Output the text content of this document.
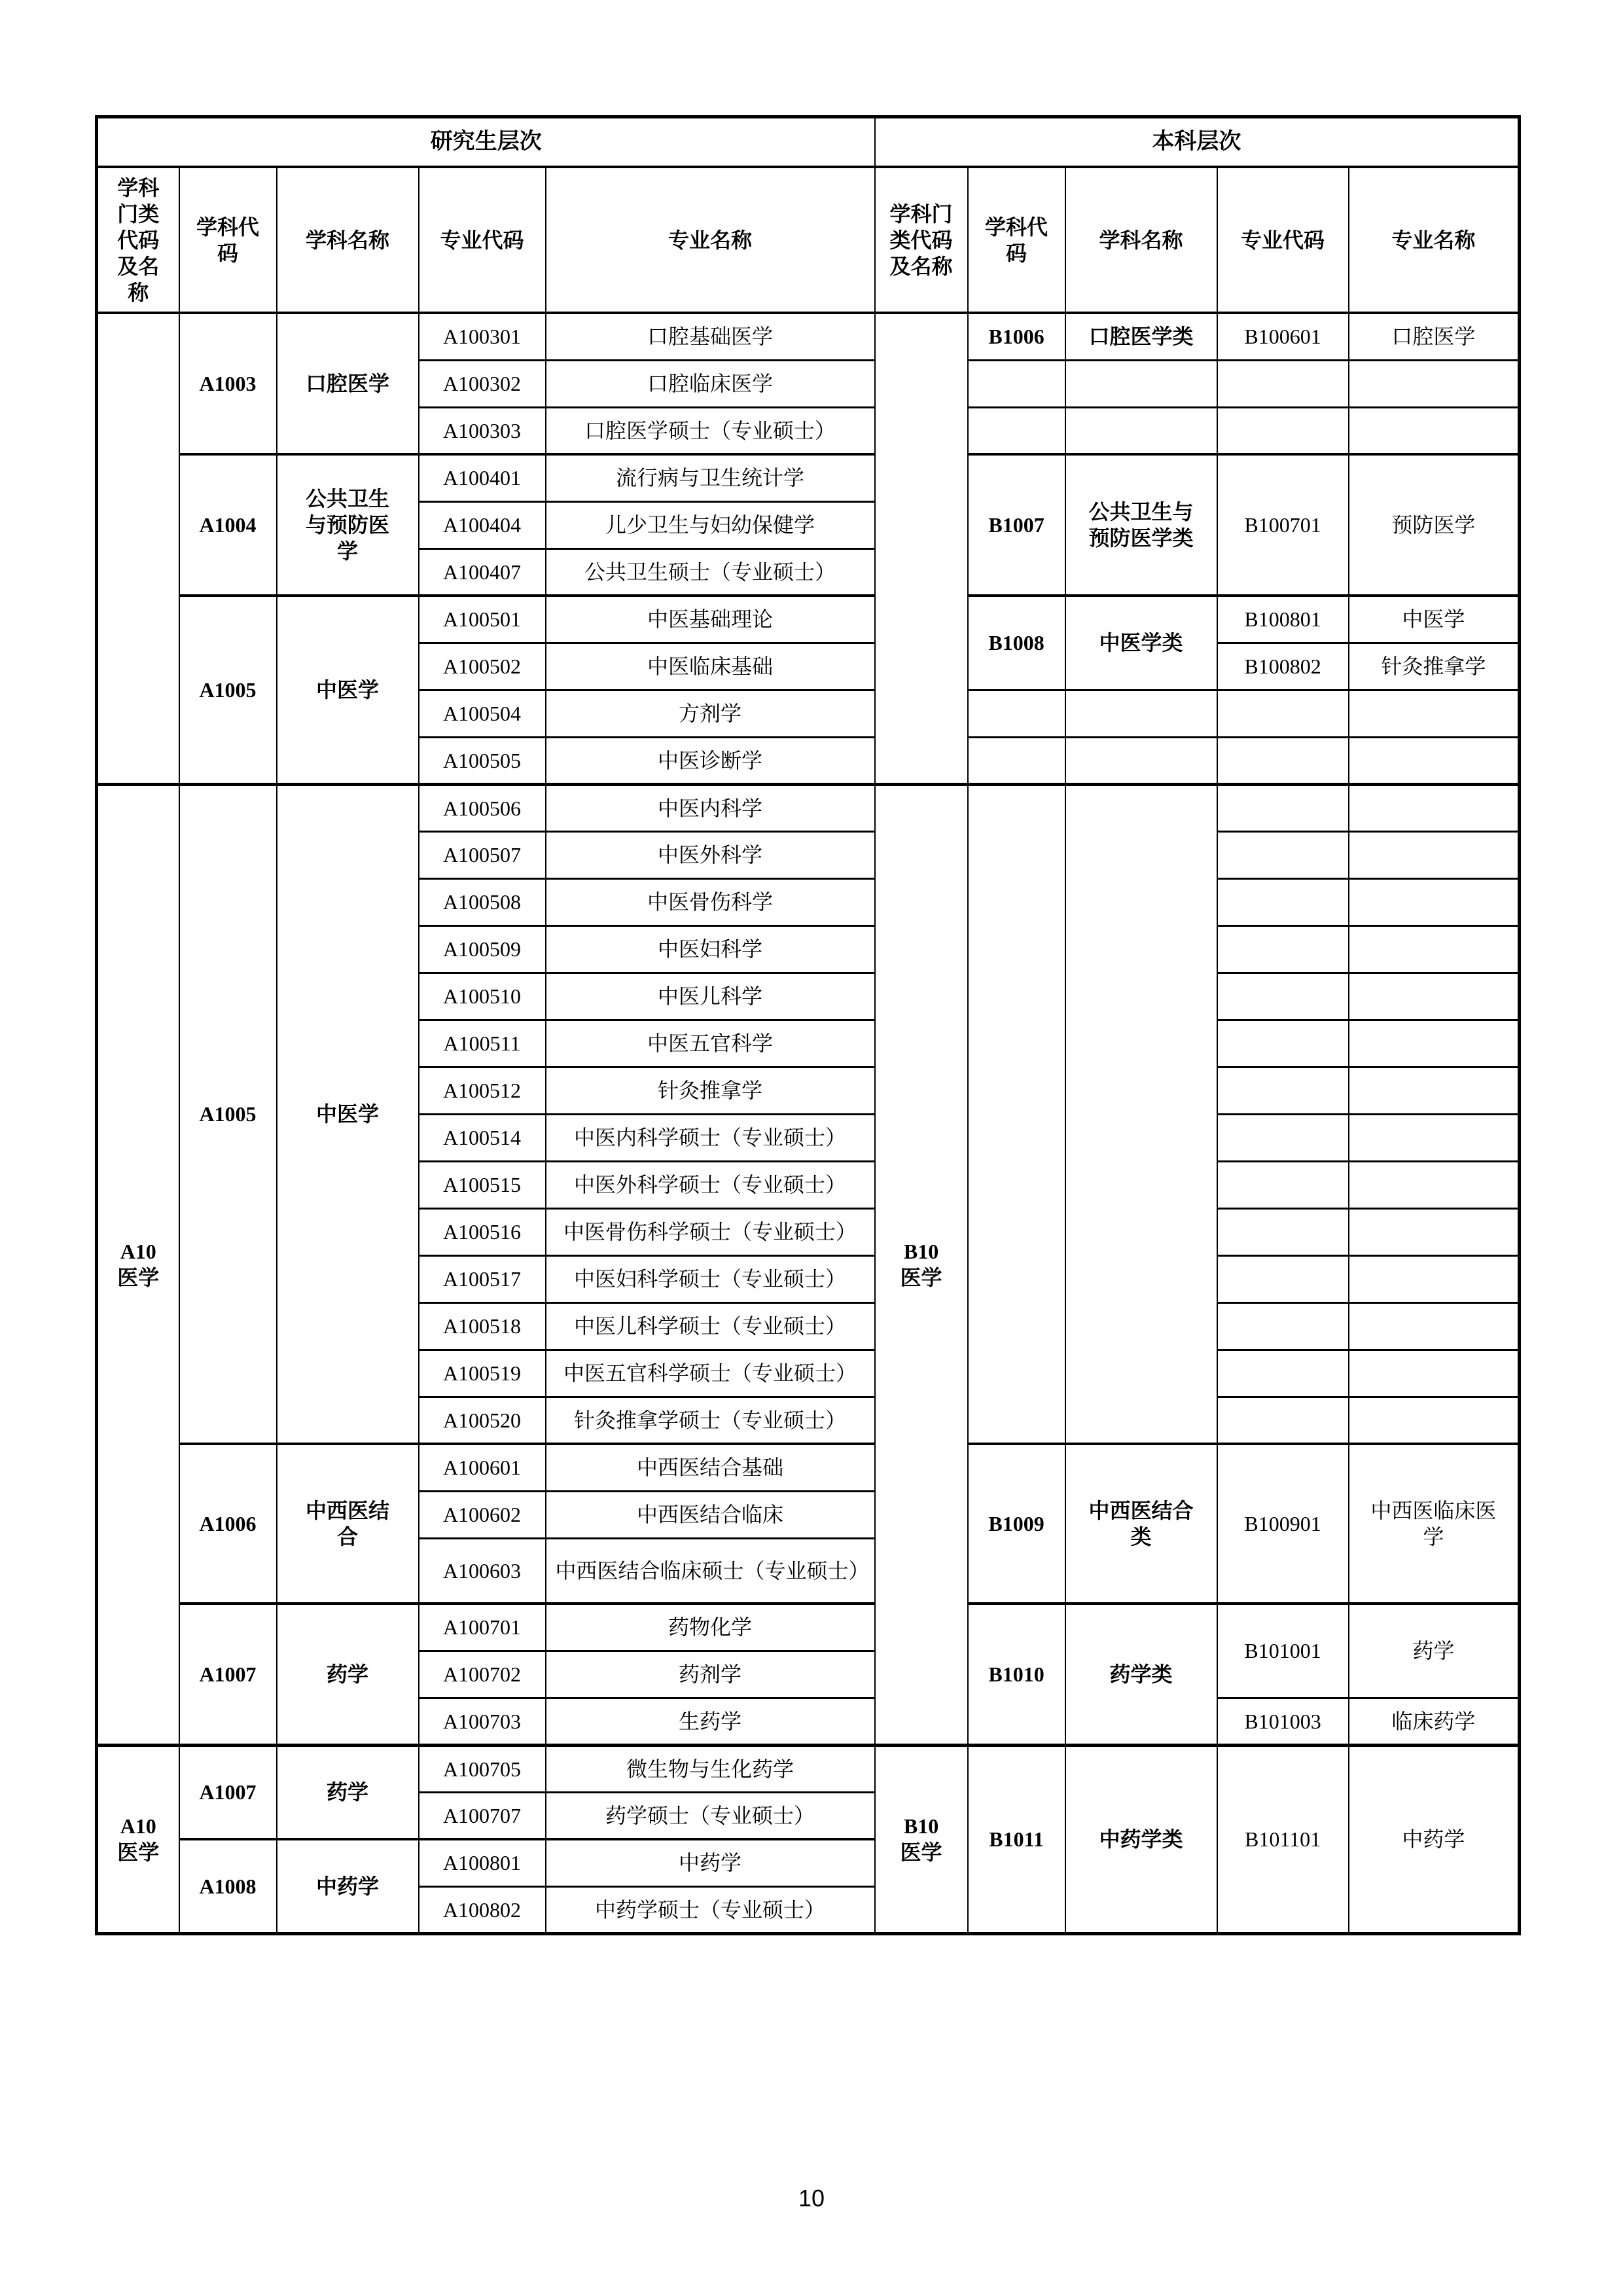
研究生层次					本科层次				
学科门类代码及名称	学科代码	学科名称	专业代码	专业名称	学科门类代码及名称	学科代码	学科名称	专业代码	专业名称
	A1003	口腔医学	A100301	口腔基础医学		B1006	口腔医学类	B100601	口腔医学
			A100302	口腔临床医学					
			A100303	口腔医学硕士（专业硕士）					
	A1004	公共卫生与预防医学	A100401	流行病与卫生统计学		B1007	公共卫生与预防医学类	B100701	预防医学
			A100404	儿少卫生与妇幼保健学					
			A100407	公共卫生硕士（专业硕士）					
	A1005	中医学	A100501	中医基础理论		B1008	中医学类	B100801	中医学
			A100502	中医临床基础				B100802	针灸推拿学
			A100504	方剂学					
			A100505	中医诊断学					
A10 医学	A1005	中医学	A100506	中医内科学	B10 医学				
			A100507	中医外科学					
			A100508	中医骨伤科学					
			A100509	中医妇科学					
			A100510	中医儿科学					
			A100511	中医五官科学					
			A100512	针灸推拿学					
			A100514	中医内科学硕士（专业硕士）					
			A100515	中医外科学硕士（专业硕士）					
			A100516	中医骨伤科学硕士（专业硕士）					
			A100517	中医妇科学硕士（专业硕士）					
			A100518	中医儿科学硕士（专业硕士）					
			A100519	中医五官科学硕士（专业硕士）					
			A100520	针灸推拿学硕士（专业硕士）					
	A1006	中西医结合	A100601	中西医结合基础		B1009	中西医结合类	B100901	中西医临床医学
			A100602	中西医结合临床					
			A100603	中西医结合临床硕士（专业硕士）					
	A1007	药学	A100701	药物化学		B1010	药学类	B101001	药学
			A100702	药剂学					
			A100703	生药学				B101003	临床药学
A10 医学	A1007	药学	A100705	微生物与生化药学	B10 医学	B1011	中药学类	B101101	中药学
			A100707	药学硕士（专业硕士）					
	A1008	中药学	A100801	中药学					
			A100802	中药学硕士（专业硕士）					
10
